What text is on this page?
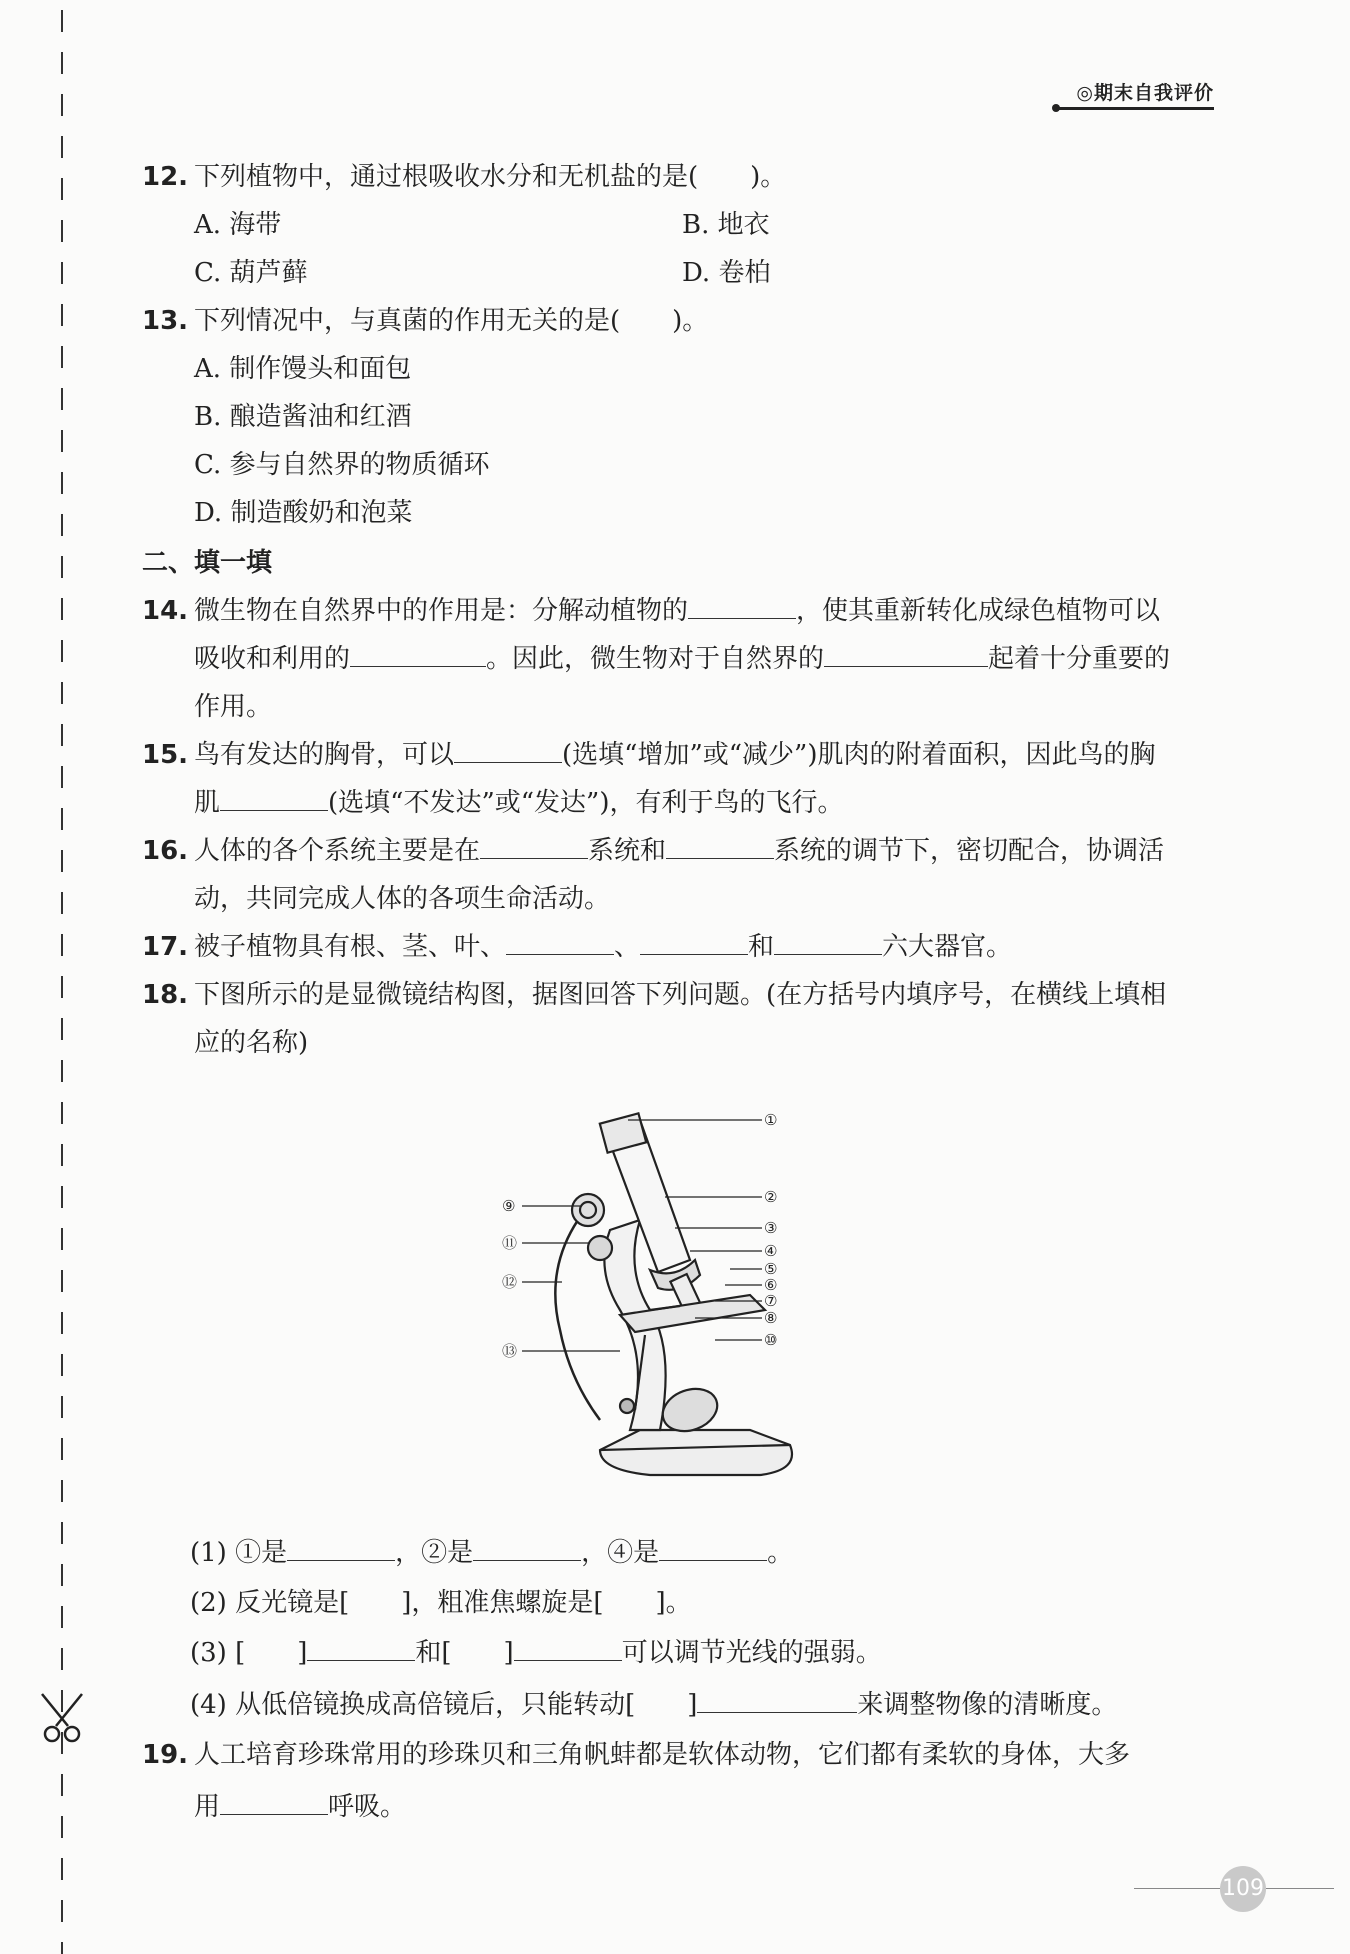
◎期末自我评价
12. 下列植物中，通过根吸收水分和无机盐的是(　　)。
A. 海带	B. 地衣
C. 葫芦藓	D. 卷柏
13. 下列情况中，与真菌的作用无关的是(　　)。
A. 制作馒头和面包
B. 酿造酱油和红酒
C. 参与自然界的物质循环
D. 制造酸奶和泡菜
二、填一填
14. 微生物在自然界中的作用是：分解动植物的	，使其重新转化成绿色植物可以
吸收和利用的	。因此，微生物对于自然界的	起着十分重要的
作用。
15. 鸟有发达的胸骨，可以	(选填“增加”或“减少”)肌肉的附着面积，因此鸟的胸
肌	(选填“不发达”或“发达”)，有利于鸟的飞行。
16. 人体的各个系统主要是在	系统和	系统的调节下，密切配合，协调活
动，共同完成人体的各项生命活动。
17. 被子植物具有根、茎、叶、	、	和	六大器官。
18. 下图所示的是显微镜结构图，据图回答下列问题。(在方括号内填序号，在横线上填相
应的名称)
①
②
③
④
⑤
⑥
⑦
⑧
⑨
⑩
⑪
⑫
⑬
(1) ①是	，②是	，④是	。
(2) 反光镜是[　　]，粗准焦螺旋是[　　]。
(3) [　　]	和[　　]	可以调节光线的强弱。
(4) 从低倍镜换成高倍镜后，只能转动[　　]	来调整物像的清晰度。
19. 人工培育珍珠常用的珍珠贝和三角帆蚌都是软体动物，它们都有柔软的身体，大多
用	呼吸。
109
